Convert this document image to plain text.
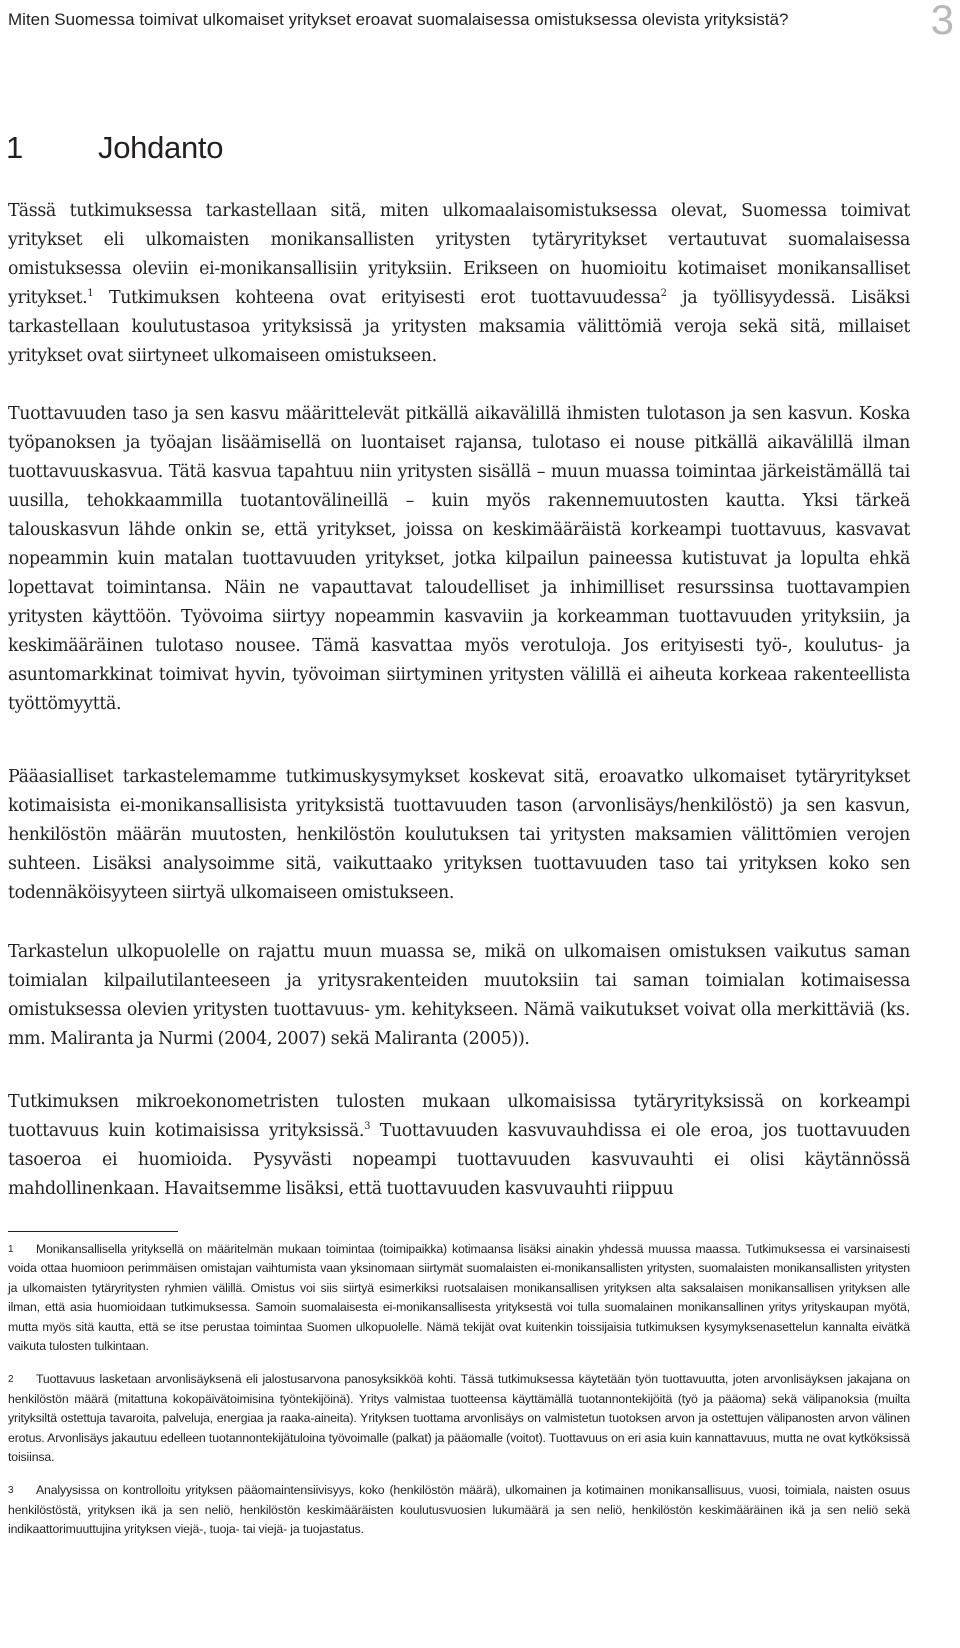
Miten Suomessa toimivat ulkomaiset yritykset eroavat suomalaisessa omistuksessa olevista yrityksistä?	3
1 Johdanto

Tässä tutkimuksessa tarkastellaan sitä, miten ulkomaalaisomistuksessa olevat, Suomessa toimivat yritykset eli ulkomaisten monikansallisten yritysten tytäryritykset vertautuvat suomalaisessa omistuksessa oleviin ei-monikansallisiin yrityksiin. Erikseen on huomioitu kotimaiset monikansalliset yritykset.$^1$ Tutkimuksen kohteena ovat erityisesti erot tuottavuudessa$^2$ ja työllisyydessä. Lisäksi tarkastellaan koulutustasoa yrityksissä ja yritysten maksamia välittömiä veroja sekä sitä, millaiset yritykset ovat siirtyneet ulkomaiseen omistukseen.

Tuottavuuden taso ja sen kasvu määrittelevät pitkällä aikavälillä ihmisten tulotason ja sen kasvun. Koska työpanoksen ja työajan lisäämisellä on luontaiset rajansa, tulotaso ei nouse pitkällä aikavälillä ilman tuottavuuskasvua. Tätä kasvua tapahtuu niin yritysten sisällä – muun muassa toimintaa järkeistämällä tai uusilla, tehokkaammilla tuotantovälineillä – kuin myös rakennemuutosten kautta. Yksi tärkeä talouskasvun lähde onkin se, että yritykset, joissa on keskimääräistä korkeampi tuottavuus, kasvavat nopeammin kuin matalan tuottavuuden yritykset, jotka kilpailun paineessa kutistuvat ja lopulta ehkä lopettavat toimintansa. Näin ne vapauttavat taloudelliset ja inhimilliset resurssinsa tuottavampien yritysten käyttöön. Työvoima siirtyy nopeammin kasvaviin ja korkeamman tuottavuuden yrityksiin, ja keskimääräinen tulotaso nousee. Tämä kasvattaa myös verotuloja. Jos erityisesti työ-, koulutus- ja asuntomarkkinat toimivat hyvin, työvoiman siirtyminen yritysten välillä ei aiheuta korkeaa rakenteellista työttömyyttä.

Pääasialliset tarkastelemamme tutkimuskysymykset koskevat sitä, eroavatko ulkomaiset tytäryritykset kotimaisista ei-monikansallisista yrityksistä tuottavuuden tason (arvonlisäys/henkilöstö) ja sen kasvun, henkilöstön määrän muutosten, henkilöstön koulutuksen tai yritysten maksamien välittömien verojen suhteen. Lisäksi analysoimme sitä, vaikuttaako yrityksen tuottavuuden taso tai yrityksen koko sen todennäköisyyteen siirtyä ulkomaiseen omistukseen.

Tarkastelun ulkopuolelle on rajattu muun muassa se, mikä on ulkomaisen omistuksen vaikutus saman toimialan kilpailutilanteeseen ja yritysrakenteiden muutoksiin tai saman toimialan kotimaisessa omistuksessa olevien yritysten tuottavuus- ym. kehitykseen. Nämä vaikutukset voivat olla merkittäviä (ks. mm. Maliranta ja Nurmi (2004, 2007) sekä Maliranta (2005)).

Tutkimuksen mikroekonometristen tulosten mukaan ulkomaisissa tytäryrityksissä on korkeampi tuottavuus kuin kotimaisissa yrityksissä.$^3$ Tuottavuuden kasvuvauhdissa ei ole eroa, jos tuottavuuden tasoeroa ei huomioida. Pysyvästi nopeampi tuottavuuden kasvuvauhti ei olisi käytännössä mahdollinenkaan. Havaitsemme lisäksi, että tuottavuuden kasvuvauhti riippuu

1 Monikansallisella yrityksellä on määritelmän mukaan toimintaa (toimipaikka) kotimaansa lisäksi ainakin yhdessä muussa maassa. Tutkimuksessa ei varsinaisesti voida ottaa huomioon perimmäisen omistajan vaihtumista vaan yksinomaan siirtymät suomalaisten ei-monikansallisten yritysten, suomalaisten monikansallisten yritysten ja ulkomaisten tytäryritysten ryhmien välillä. Omistus voi siis siirtyä esimerkiksi ruotsalaisen monikansallisen yrityksen alta saksalaisen monikansallisen yrityksen alle ilman, että asia huomioidaan tutkimuksessa. Samoin suomalaisesta ei-monikansallisesta yrityksestä voi tulla suomalainen monikansallinen yritys yrityskaupan myötä, mutta myös sitä kautta, että se itse perustaa toimintaa Suomen ulkopuolelle. Nämä tekijät ovat kuitenkin toissijaisia tutkimuksen kysymyksenasettelun kannalta eivätkä vaikuta tulosten tulkintaan.

2 Tuottavuus lasketaan arvonlisäyksenä eli jalostusarvona panosyksikköä kohti. Tässä tutkimuksessa käytetään työn tuottavuutta, joten arvonlisäyksen jakajana on henkilöstön määrä (mitattuna kokopäivätoimisina työntekijöinä). Yritys valmistaa tuotteensa käyttämällä tuotannontekijöitä (työ ja pääoma) sekä välipanoksia (muilta yrityksiltä ostettuja tavaroita, palveluja, energiaa ja raaka-aineita). Yrityksen tuottama arvonlisäys on valmistetun tuotoksen arvon ja ostettujen välipanosten arvon välinen erotus. Arvonlisäys jakautuu edelleen tuotannontekijätuloina työvoimalle (palkat) ja pääomalle (voitot). Tuottavuus on eri asia kuin kannattavuus, mutta ne ovat kytköksissä toisiinsa.

3 Analyysissa on kontrolloitu yrityksen pääomaintensiivisyys, koko (henkilöstön määrä), ulkomainen ja kotimainen monikansallisuus, vuosi, toimiala, naisten osuus henkilöstöstä, yrityksen ikä ja sen neliö, henkilöstön keskimääräisten koulutusvuosien lukumäärä ja sen neliö, henkilöstön keskimääräinen ikä ja sen neliö sekä indikaattorimuuttujina yrityksen viejä-, tuoja- tai viejä- ja tuojastatus.
